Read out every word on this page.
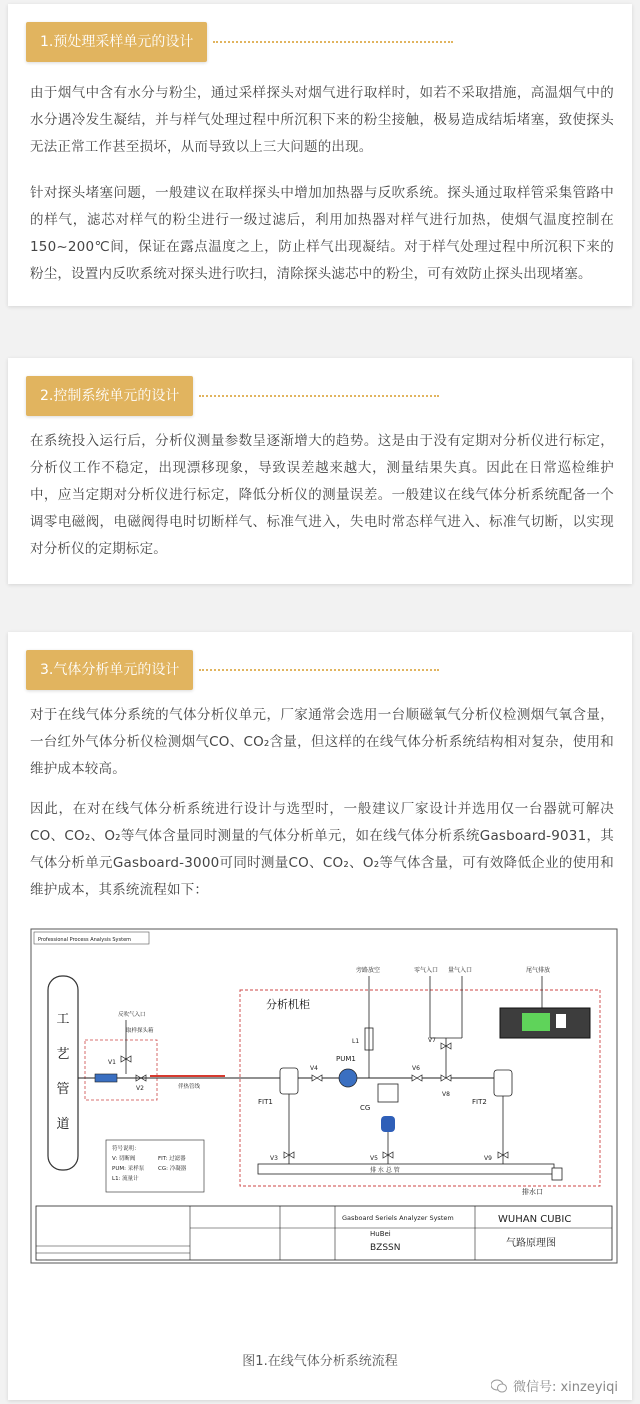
1.预处理采样单元的设计

由于烟气中含有水分与粉尘，通过采样探头对烟气进行取样时，如若不采取措施，高温烟气中的水分遇冷发生凝结，并与样气处理过程中所沉积下来的粉尘接触，极易造成结垢堵塞，致使探头无法正常工作甚至损坏，从而导致以上三大问题的出现。

针对探头堵塞问题，一般建议在取样探头中增加加热器与反吹系统。探头通过取样管采集管路中的样气，滤芯对样气的粉尘进行一级过滤后，利用加热器对样气进行加热，使烟气温度控制在150~200℃间，保证在露点温度之上，防止样气出现凝结。对于样气处理过程中所沉积下来的粉尘，设置内反吹系统对探头进行吹扫，清除探头滤芯中的粉尘，可有效防止探头出现堵塞。

2.控制系统单元的设计

在系统投入运行后，分析仪测量参数呈逐渐增大的趋势。这是由于没有定期对分析仪进行标定，分析仪工作不稳定，出现漂移现象，导致误差越来越大，测量结果失真。因此在日常巡检维护中，应当定期对分析仪进行标定，降低分析仪的测量误差。一般建议在线气体分析系统配备一个调零电磁阀，电磁阀得电时切断样气、标准气进入，失电时常态样气进入、标准气切断，以实现对分析仪的定期标定。

3.气体分析单元的设计

对于在线气体分系统的气体分析仪单元，厂家通常会选用一台顺磁氧气分析仪检测烟气氧含量，一台红外气体分析仪检测烟气CO、CO₂含量，但这样的在线气体分析系统结构相对复杂，使用和维护成本较高。

因此，在对在线气体分析系统进行设计与选型时，一般建议厂家设计并选用仅一台器就可解决CO、CO₂、O₂等气体含量同时测量的气体分析单元，如在线气体分析系统Gasboard-9031，其气体分析单元Gasboard-3000可同时测量CO、CO₂、O₂等气体含量，可有效降低企业的使用和维护成本，其系统流程如下：

Professional Process Analysis System
工
艺
管
道
反吹气入口
取样探头箱
V1
V2	伴热管线
分析机柜
旁路放空	零气入口 量气入口	尾气排放
FIT1
V4
PUM1
L1
CG
V6
V7
V8
FIT2
排 水 总 管
排水口
V3	V5	V9
符号说明：
V: 切断阀	FIT: 过滤器
PUM: 采样泵	CG: 冷凝器
L1: 流量计
Gasboard Seriels Analyzer System	WUHAN CUBIC
HuBei
BZSSN	气路原理图
图1.在线气体分析系统流程
微信号: xinzeyiqi
